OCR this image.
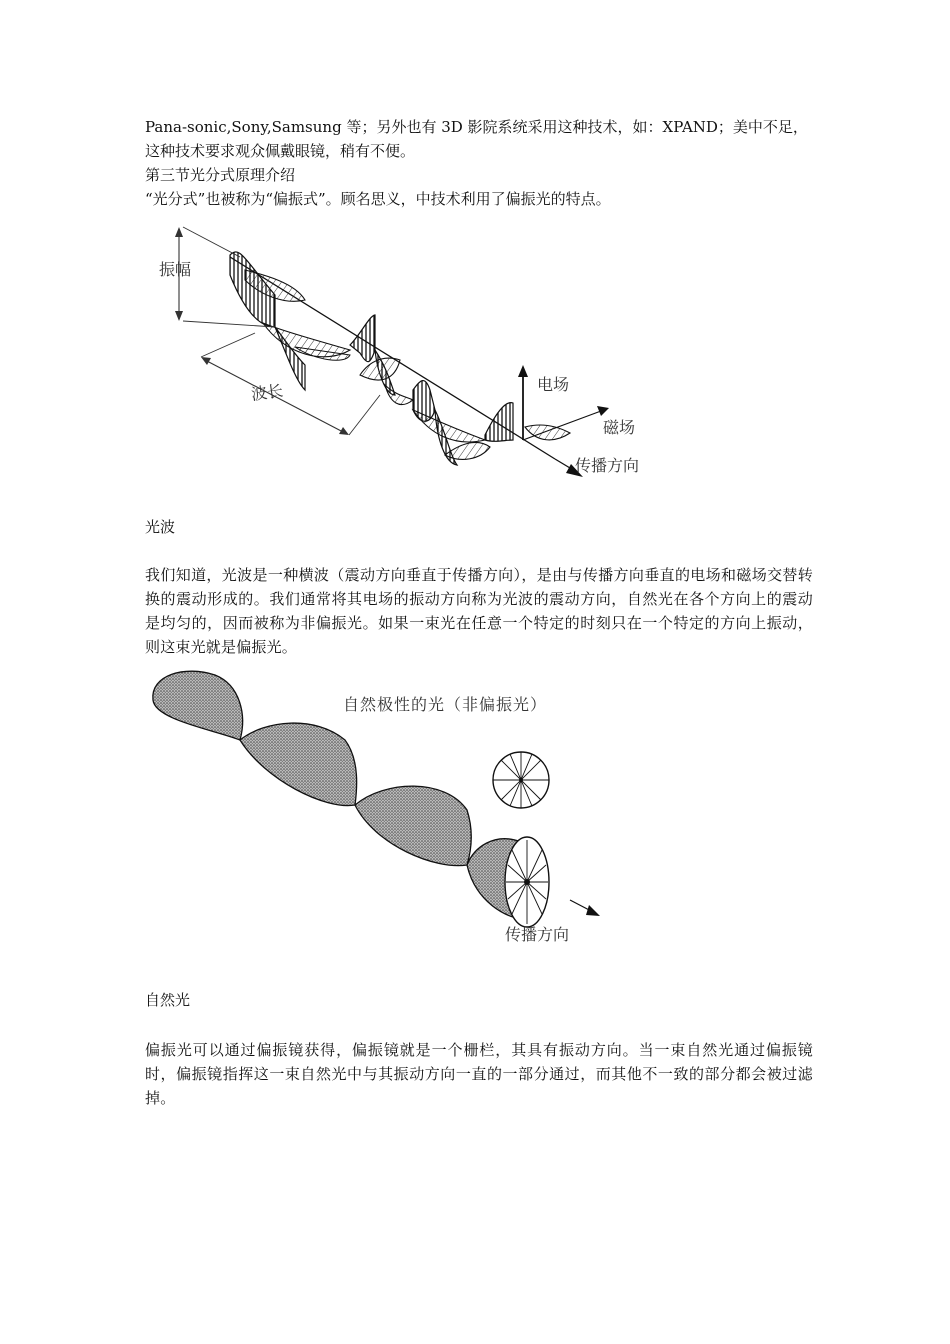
Pana-sonic,Sony,Samsung 等；另外也有 3D 影院系统采用这种技术，如：XPAND；美中不足，
这种技术要求观众佩戴眼镜，稍有不便。
第三节光分式原理介绍
“光分式”也被称为“偏振式”。顾名思义，中技术利用了偏振光的特点。
振幅
波长	电场
磁场
传播方向
光波
我们知道，光波是一种横波（震动方向垂直于传播方向），是由与传播方向垂直的电场和磁场交替转换的震动形成的。我们通常将其电场的振动方向称为光波的震动方向，自然光在各个方向上的震动是均匀的，因而被称为非偏振光。如果一束光在任意一个特定的时刻只在一个特定的方向上振动，则这束光就是偏振光。
自然极性的光（非偏振光）
传播方向
自然光
偏振光可以通过偏振镜获得，偏振镜就是一个栅栏，其具有振动方向。当一束自然光通过偏振镜时，偏振镜指挥这一束自然光中与其振动方向一直的一部分通过，而其他不一致的部分都会被过滤掉。
